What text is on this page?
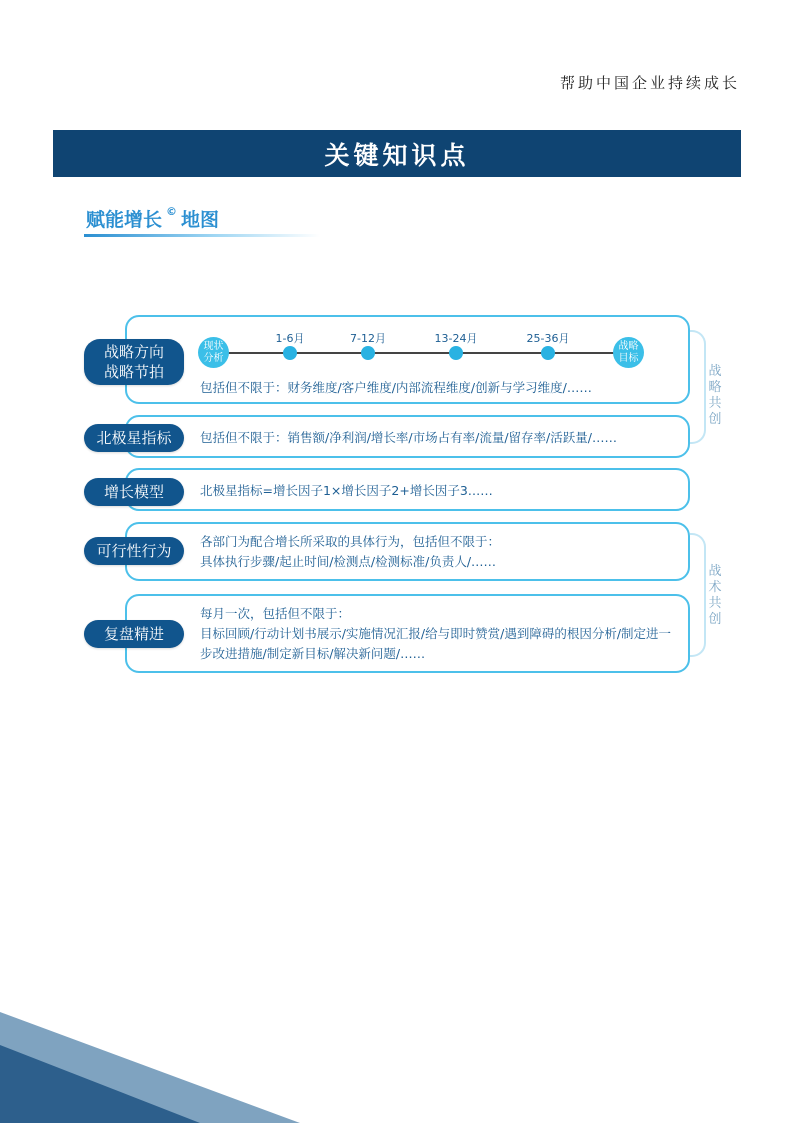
帮助中国企业持续成长
关键知识点
赋能增长 © 地图
战
略
共
创
战
术
共
创
现状
分析
战略
目标
1-6月	7-12月	13-24月	25-36月
包括但不限于：财务维度/客户维度/内部流程维度/创新与学习维度/……
战略方向
战略节拍
包括但不限于：销售额/净利润/增长率/市场占有率/流量/留存率/活跃量/……
北极星指标
北极星指标=增长因子1×增长因子2+增长因子3……
增长模型
各部门为配合增长所采取的具体行为，包括但不限于：
具体执行步骤/起止时间/检测点/检测标准/负责人/……
可行性行为
每月一次，包括但不限于：
目标回顾/行动计划书展示/实施情况汇报/给与即时赞赏/遇到障碍的根因分析/制定进一
步改进措施/制定新目标/解决新问题/……
复盘精进
